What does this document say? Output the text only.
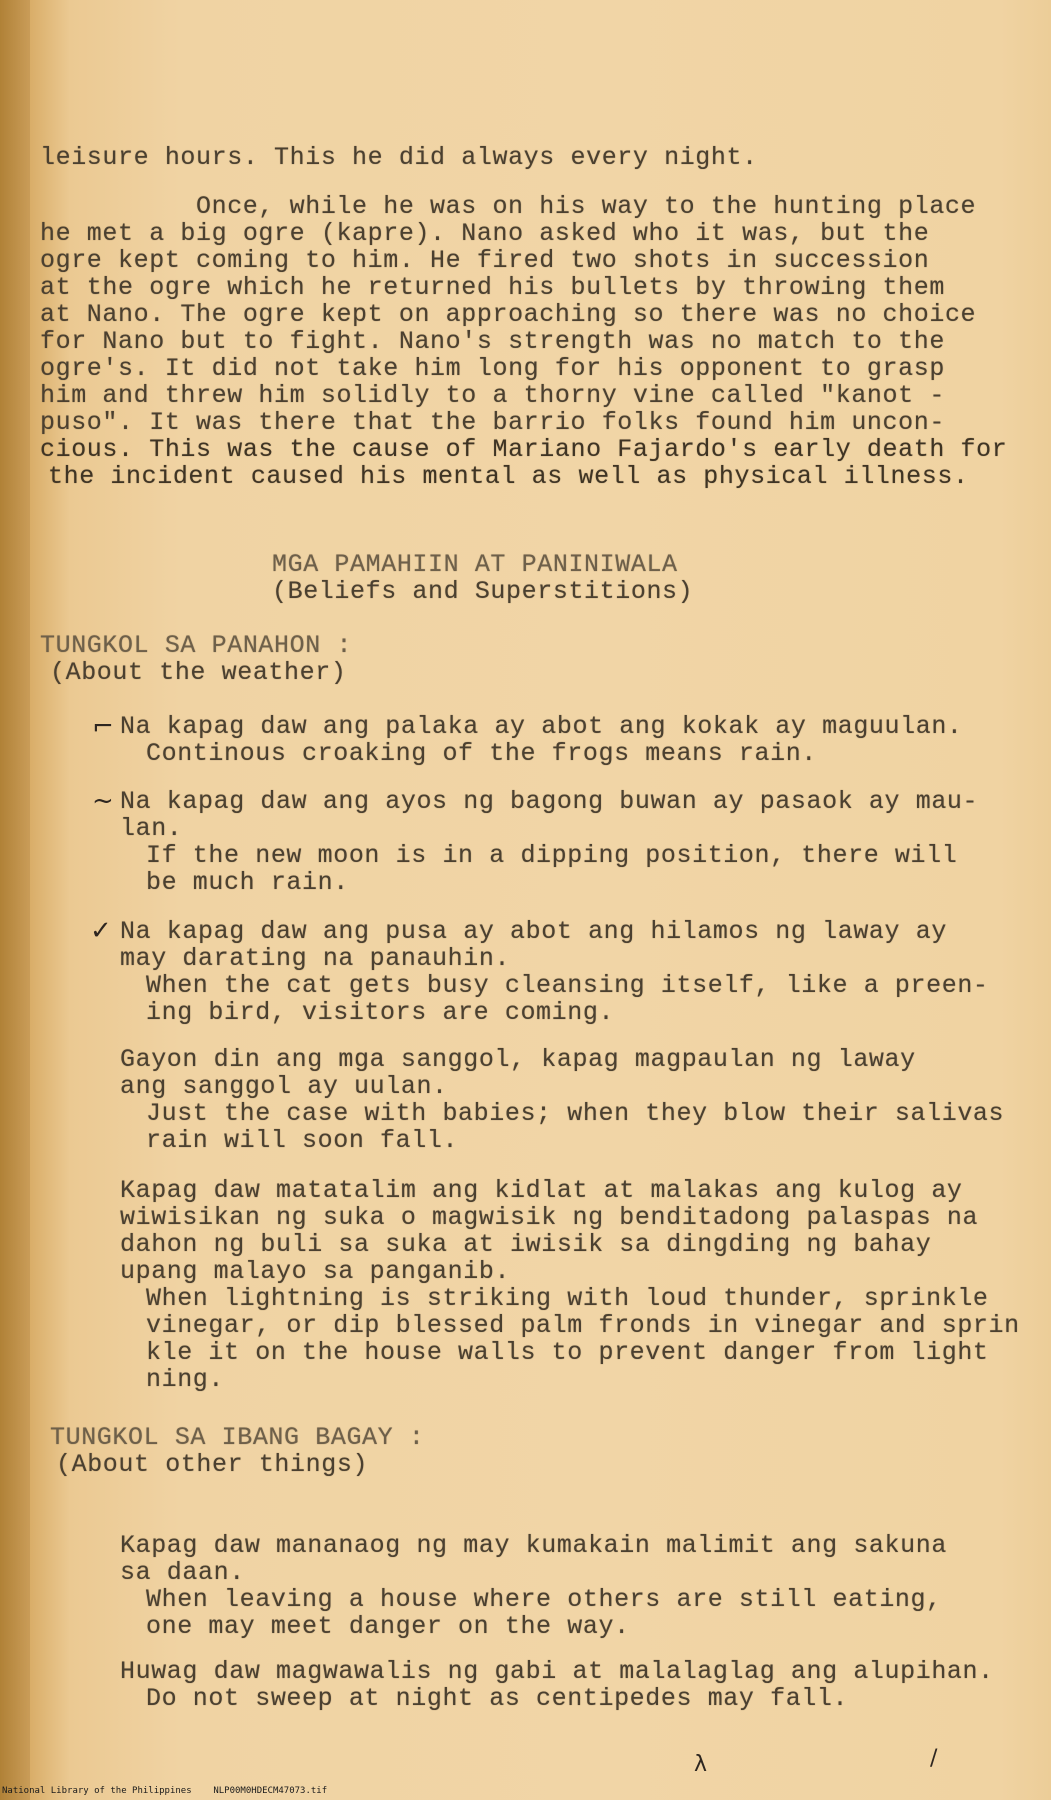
leisure hours. This he did always every night.

Once, while he was on his way to the hunting place

he met a big ogre (kapre). Nano asked who it was, but the

ogre kept coming to him. He fired two shots in succession

at the ogre which he returned his bullets by throwing them

at Nano. The ogre kept on approaching so there was no choice

for Nano but to fight. Nano's strength was no match to the

ogre's. It did not take him long for his opponent to grasp

him and threw him solidly to a thorny vine called "kanot -

puso". It was there that the barrio folks found him uncon-

cious. This was the cause of Mariano Fajardo's early death for

the incident caused his mental as well as physical illness.

MGA PAMAHIIN AT PANINIWALA

(Beliefs and Superstitions)

TUNGKOL SA PANAHON :

(About the weather)

⌐ Na kapag daw ang palaka ay abot ang kokak ay maguulan.

Continous croaking of the frogs means rain.

~ Na kapag daw ang ayos ng bagong buwan ay pasaok ay mau-

lan.

If the new moon is in a dipping position, there will

be much rain.

✓ Na kapag daw ang pusa ay abot ang hilamos ng laway ay

may darating na panauhin.

When the cat gets busy cleansing itself, like a preen-

ing bird, visitors are coming.

Gayon din ang mga sanggol, kapag magpaulan ng laway

ang sanggol ay uulan.

Just the case with babies; when they blow their salivas

rain will soon fall.

Kapag daw matatalim ang kidlat at malakas ang kulog ay

wiwisikan ng suka o magwisik ng benditadong palaspas na

dahon ng buli sa suka at iwisik sa dingding ng bahay

upang malayo sa panganib.

When lightning is striking with loud thunder, sprinkle

vinegar, or dip blessed palm fronds in vinegar and sprin

kle it on the house walls to prevent danger from light

ning.

TUNGKOL SA IBANG BAGAY :

(About other things)

Kapag daw mananaog ng may kumakain malimit ang sakuna

sa daan.

When leaving a house where others are still eating,

one may meet danger on the way.

Huwag daw magwawalis ng gabi at malalaglag ang alupihan.

Do not sweep at night as centipedes may fall.

λ	/
National Library of the Philippines NLP00M0HDECM47073.tif
